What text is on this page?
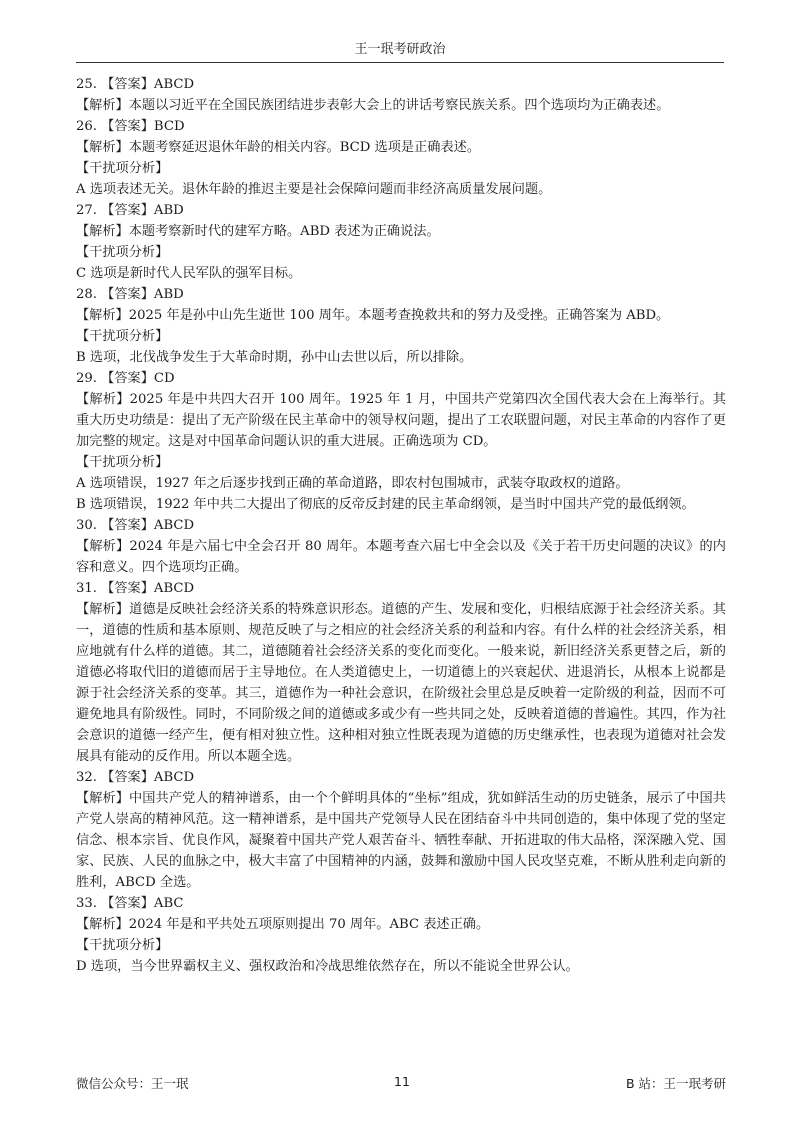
王一珉考研政治
25. 【答案】ABCD
【解析】本题以习近平在全国民族团结进步表彰大会上的讲话考察民族关系。四个选项均为正确表述。
26. 【答案】BCD
【解析】本题考察延迟退休年龄的相关内容。BCD 选项是正确表述。
【干扰项分析】
A 选项表述无关。退休年龄的推迟主要是社会保障问题而非经济高质量发展问题。
27. 【答案】ABD
【解析】本题考察新时代的建军方略。ABD 表述为正确说法。
【干扰项分析】
C 选项是新时代人民军队的强军目标。
28. 【答案】ABD
【解析】2025 年是孙中山先生逝世 100 周年。本题考查挽救共和的努力及受挫。正确答案为 ABD。
【干扰项分析】
B 选项，北伐战争发生于大革命时期，孙中山去世以后，所以排除。
29. 【答案】CD
【解析】2025 年是中共四大召开 100 周年。1925 年 1 月，中国共产党第四次全国代表大会在上海举行。其重大历史功绩是：提出了无产阶级在民主革命中的领导权问题，提出了工农联盟问题，对民主革命的内容作了更加完整的规定。这是对中国革命问题认识的重大进展。正确选项为 CD。
【干扰项分析】
A 选项错误，1927 年之后逐步找到正确的革命道路，即农村包围城市，武装夺取政权的道路。
B 选项错误，1922 年中共二大提出了彻底的反帝反封建的民主革命纲领，是当时中国共产党的最低纲领。
30. 【答案】ABCD
【解析】2024 年是六届七中全会召开 80 周年。本题考查六届七中全会以及《关于若干历史问题的决议》的内容和意义。四个选项均正确。
31. 【答案】ABCD
【解析】道德是反映社会经济关系的特殊意识形态。道德的产生、发展和变化，归根结底源于社会经济关系。其一，道德的性质和基本原则、规范反映了与之相应的社会经济关系的利益和内容。有什么样的社会经济关系，相应地就有什么样的道德。其二，道德随着社会经济关系的变化而变化。一般来说，新旧经济关系更替之后，新的道德必将取代旧的道德而居于主导地位。在人类道德史上，一切道德上的兴衰起伏、进退消长，从根本上说都是源于社会经济关系的变革。其三，道德作为一种社会意识，在阶级社会里总是反映着一定阶级的利益，因而不可避免地具有阶级性。同时，不同阶级之间的道德或多或少有一些共同之处，反映着道德的普遍性。其四，作为社会意识的道德一经产生，便有相对独立性。这种相对独立性既表现为道德的历史继承性，也表现为道德对社会发展具有能动的反作用。所以本题全选。
32. 【答案】ABCD
【解析】中国共产党人的精神谱系，由一个个鲜明具体的“坐标”组成，犹如鲜活生动的历史链条，展示了中国共产党人崇高的精神风范。这一精神谱系，是中国共产党领导人民在团结奋斗中共同创造的，集中体现了党的坚定信念、根本宗旨、优良作风，凝聚着中国共产党人艰苦奋斗、牺牲奉献、开拓进取的伟大品格，深深融入党、国家、民族、人民的血脉之中，极大丰富了中国精神的内涵，鼓舞和激励中国人民攻坚克难，不断从胜利走向新的胜利，ABCD 全选。
33. 【答案】ABC
【解析】2024 年是和平共处五项原则提出 70 周年。ABC 表述正确。
【干扰项分析】
D 选项，当今世界霸权主义、强权政治和冷战思维依然存在，所以不能说全世界公认。
微信公众号：王一珉	11	B 站：王一珉考研
